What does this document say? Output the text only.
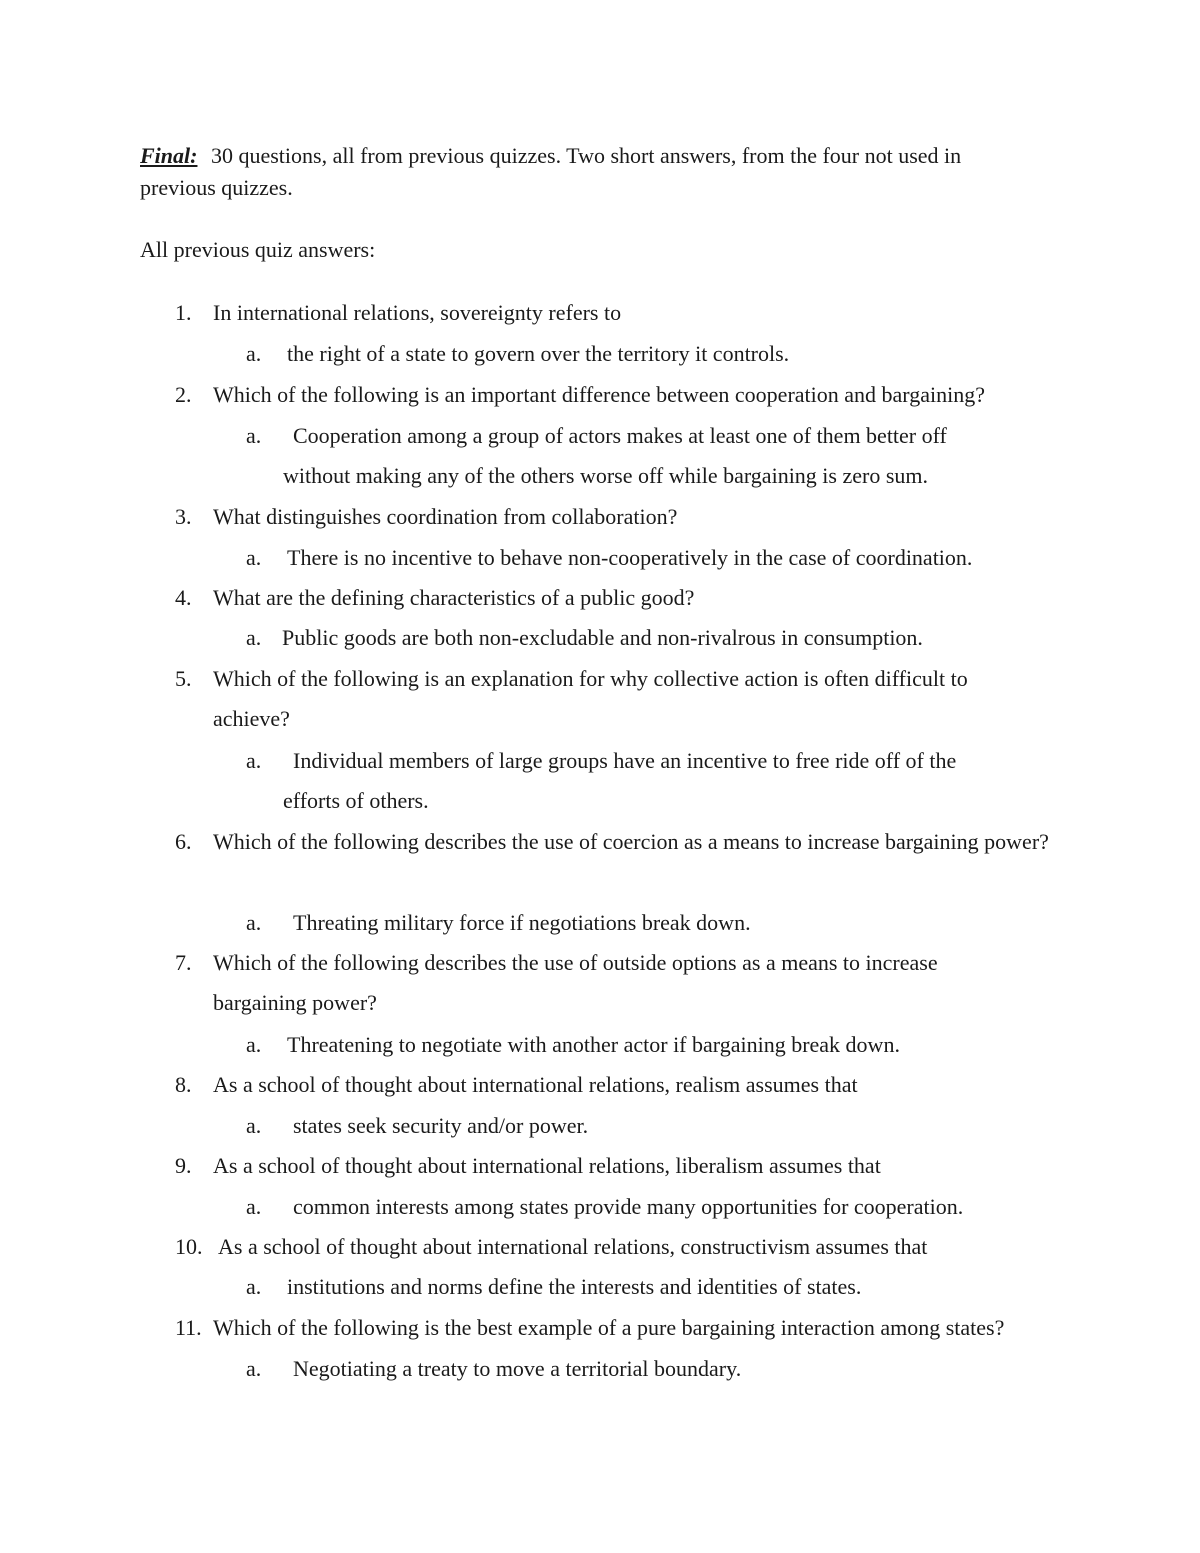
Final: 30 questions, all from previous quizzes. Two short answers, from the four not used in previous quizzes.
All previous quiz answers:
1. In international relations, sovereignty refers to
a. the right of a state to govern over the territory it controls.
2. Which of the following is an important difference between cooperation and bargaining?
a.	Cooperation among a group of actors makes at least one of them better off without making any of the others worse off while bargaining is zero sum.
3. What distinguishes coordination from collaboration?
a. There is no incentive to behave non-cooperatively in the case of coordination.
4. What are the defining characteristics of a public good?
a. Public goods are both non-excludable and non-rivalrous in consumption.
5. Which of the following is an explanation for why collective action is often difficult to achieve?
a.	Individual members of large groups have an incentive to free ride off of the efforts of others.
6. Which of the following describes the use of coercion as a means to increase bargaining power?
a. Threating military force if negotiations break down.
7. Which of the following describes the use of outside options as a means to increase bargaining power?
a. Threatening to negotiate with another actor if bargaining break down.
8. As a school of thought about international relations, realism assumes that
a. states seek security and/or power.
9. As a school of thought about international relations, liberalism assumes that
a. common interests among states provide many opportunities for cooperation.
10. As a school of thought about international relations, constructivism assumes that
a. institutions and norms define the interests and identities of states.
11. Which of the following is the best example of a pure bargaining interaction among states?
a. Negotiating a treaty to move a territorial boundary.
